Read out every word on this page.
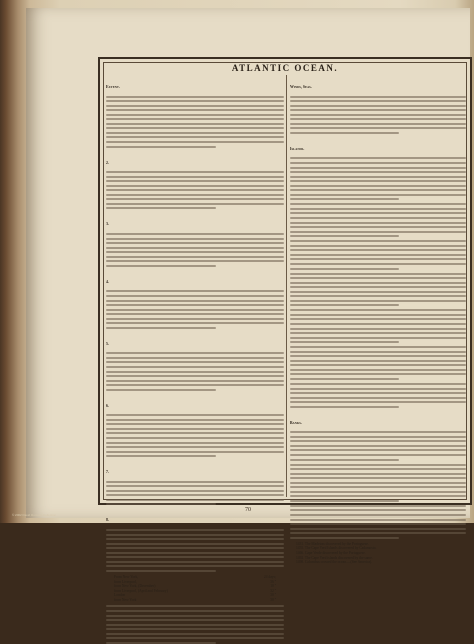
ATLANTIC OCEAN.
Extent.
2.
3.
4.
5.
6.
7.
8.
From New York,	24 days;
from Liverpool,	36 ''
from New York, (December)	10 ''
from Liverpool, (April and February)	32 ''
London	30 ''
from New York	30 ''
Winds, Seas.
Islands.
Banks.
1431. The Madeiras discovered by the Portuguese.
1455. The Cape Verd Islands discovered by Cadamosto.
1466. Cape Verde discovered by the Portuguese.
1492. The Cape Verd islands discovered by the same.
1498. Columbus crossed the ocean.—(See America).
70
© 2002 David Rumsey Collection
